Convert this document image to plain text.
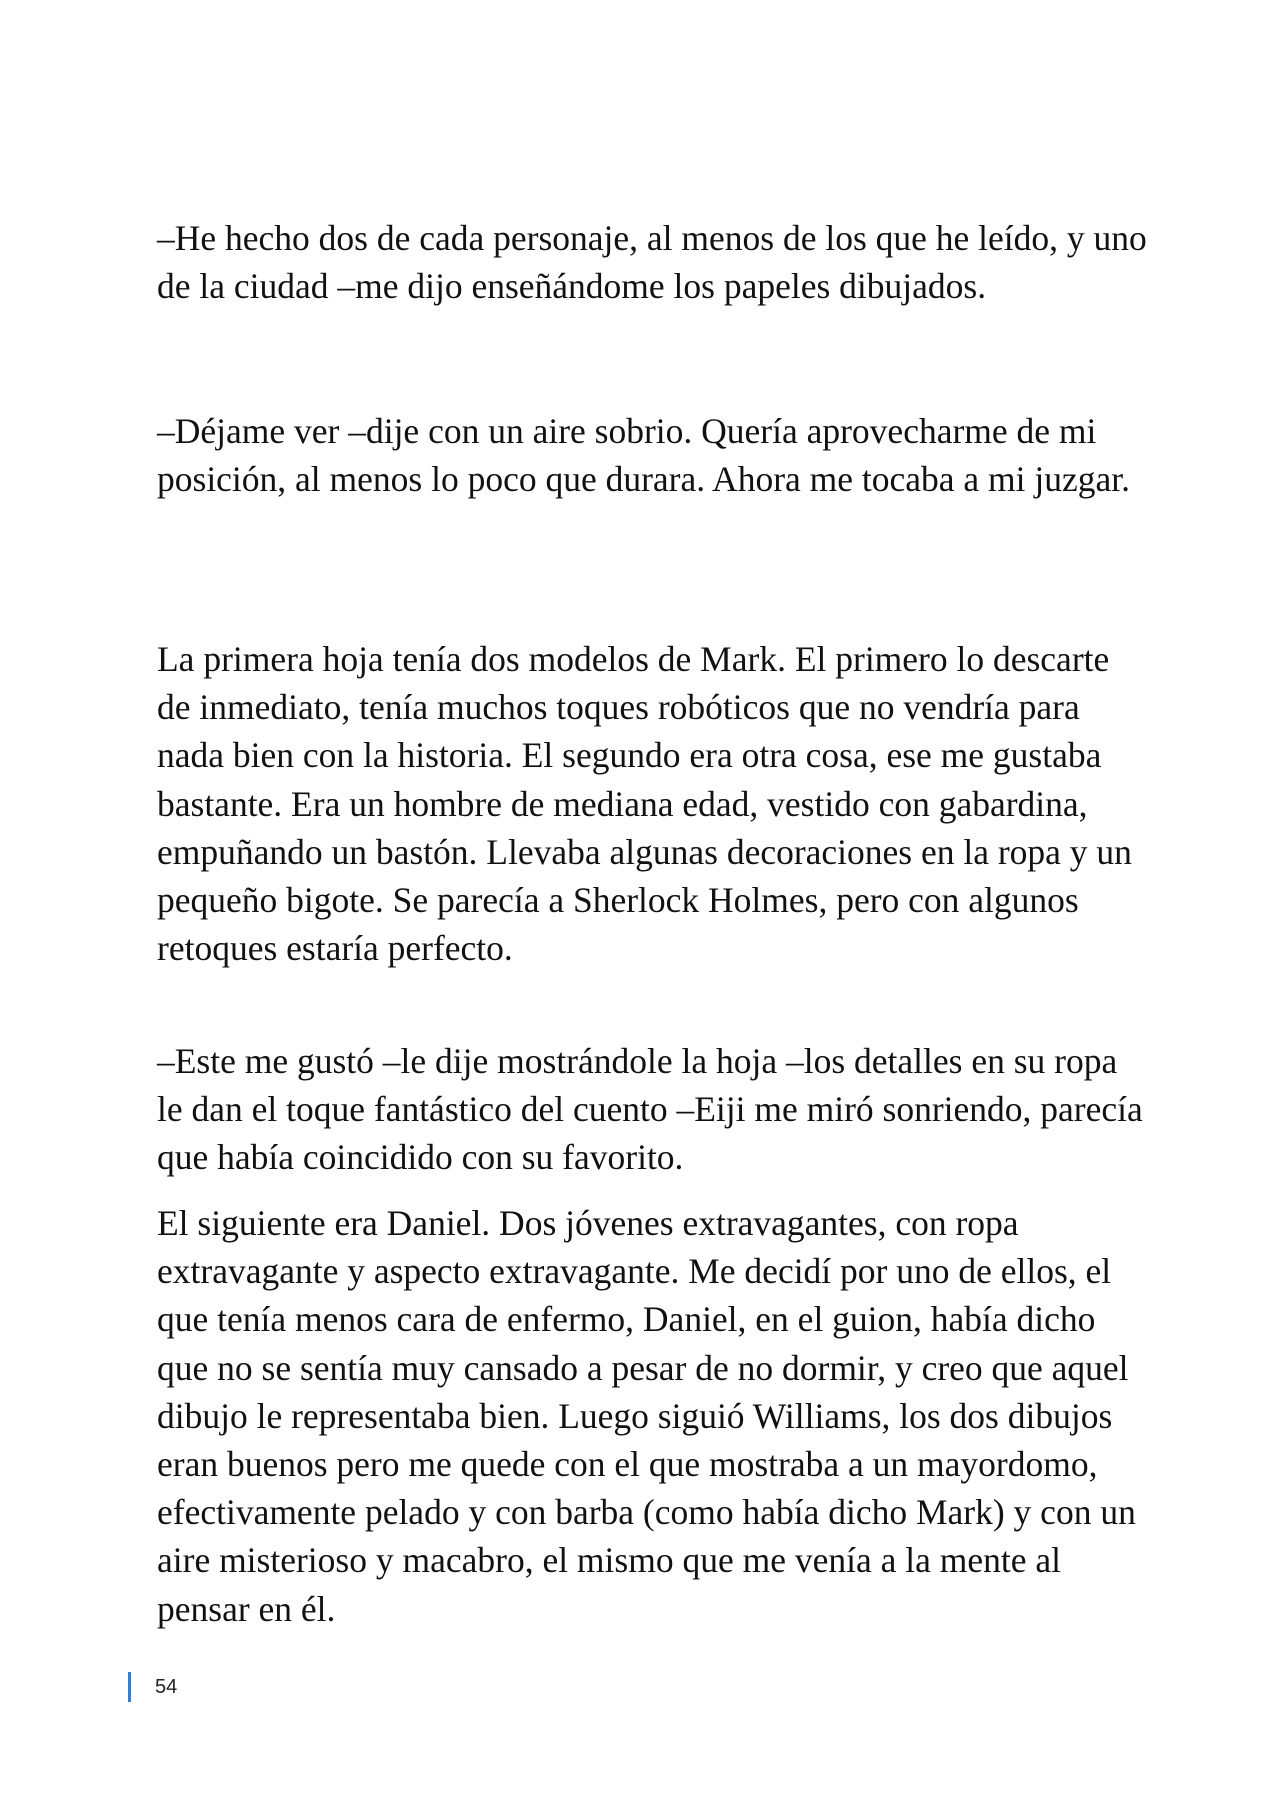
–He hecho dos de cada personaje, al menos de los que he leído, y uno de la ciudad –me dijo enseñándome los papeles dibujados.

–Déjame ver –dije con un aire sobrio. Quería aprovecharme de mi posición, al menos lo poco que durara. Ahora me tocaba a mi juzgar.

La primera hoja tenía dos modelos de Mark. El primero lo descarte de inmediato, tenía muchos toques robóticos que no vendría para nada bien con la historia. El segundo era otra cosa, ese me gustaba bastante. Era un hombre de mediana edad, vestido con gabardina, empuñando un bastón. Llevaba algunas decoraciones en la ropa y un pequeño bigote. Se parecía a Sherlock Holmes, pero con algunos retoques estaría perfecto.

–Este me gustó –le dije mostrándole la hoja –los detalles en su ropa le dan el toque fantástico del cuento –Eiji me miró sonriendo, parecía que había coincidido con su favorito.

El siguiente era Daniel. Dos jóvenes extravagantes, con ropa extravagante y aspecto extravagante. Me decidí por uno de ellos, el que tenía menos cara de enfermo, Daniel, en el guion, había dicho que no se sentía muy cansado a pesar de no dormir, y creo que aquel dibujo le representaba bien. Luego siguió Williams, los dos dibujos eran buenos pero me quede con el que mostraba a un mayordomo, efectivamente pelado y con barba (como había dicho Mark) y con un aire misterioso y macabro, el mismo que me venía a la mente al pensar en él.

54
